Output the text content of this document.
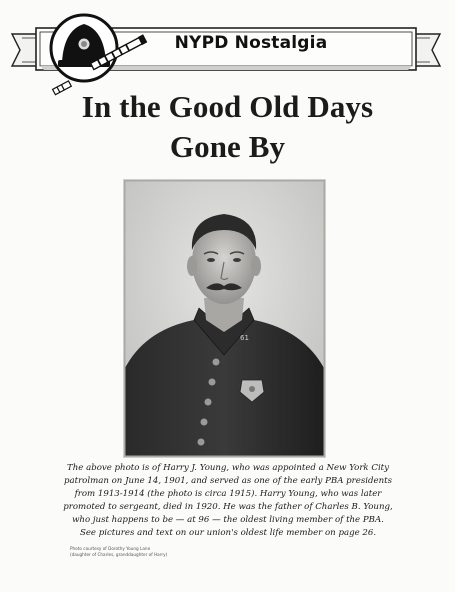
NYPD Nostalgia
In the Good Old Days
Gone By
61
The above photo is of Harry J. Young, who was appointed a New York City
patrolman on June 14, 1901, and served as one of the early PBA presidents
from 1913-1914 (the photo is circa 1915). Harry Young, who was later
promoted to sergeant, died in 1920. He was the father of Charles B. Young,
who just happens to be — at 96 — the oldest living member of the PBA.
See pictures and text on our union's oldest life member on page 26.
Photo courtesy of Dorothy Young Lane
(daughter of Charles, granddaughter of Harry)
